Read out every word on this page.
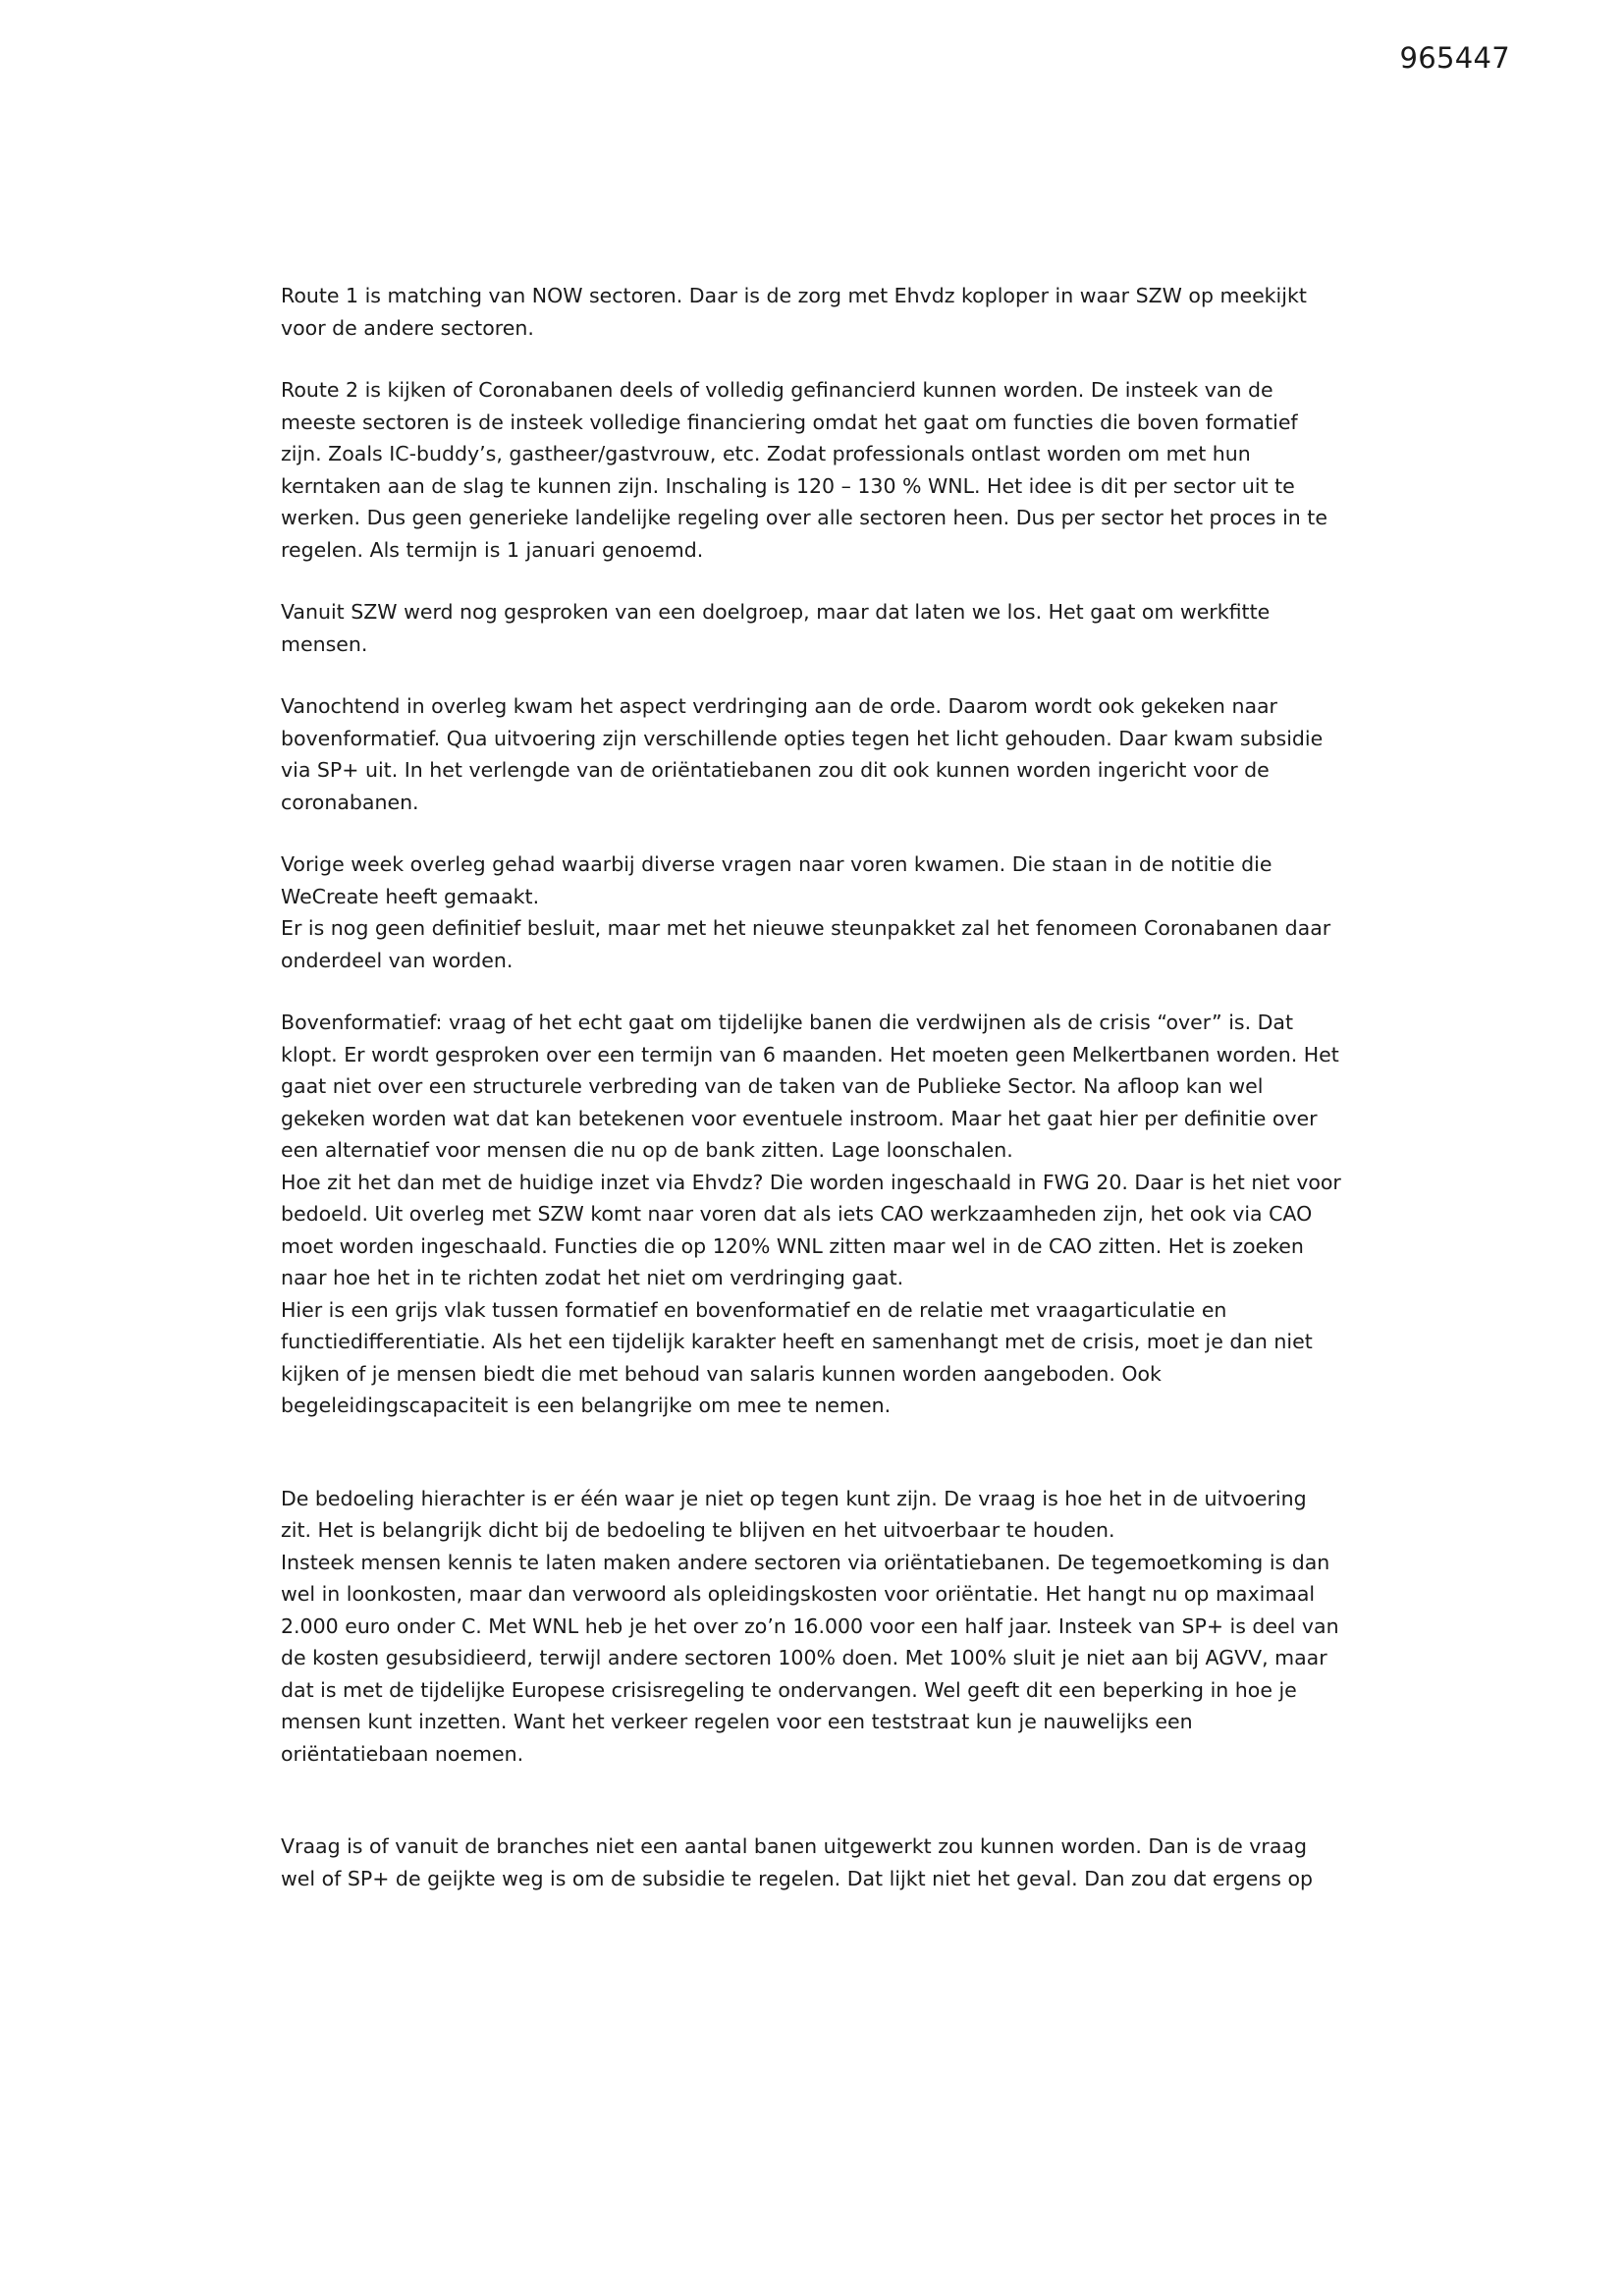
965447

Route 1 is matching van NOW sectoren. Daar is de zorg met Ehvdz koploper in waar SZW op meekijkt voor de andere sectoren.

Route 2 is kijken of Coronabanen deels of volledig gefinancierd kunnen worden. De insteek van de meeste sectoren is de insteek volledige financiering omdat het gaat om functies die boven formatief zijn. Zoals IC-buddy’s, gastheer/gastvrouw, etc. Zodat professionals ontlast worden om met hun kerntaken aan de slag te kunnen zijn. Inschaling is 120 – 130 % WNL. Het idee is dit per sector uit te werken. Dus geen generieke landelijke regeling over alle sectoren heen. Dus per sector het proces in te regelen. Als termijn is 1 januari genoemd.

Vanuit SZW werd nog gesproken van een doelgroep, maar dat laten we los. Het gaat om werkfitte mensen.

Vanochtend in overleg kwam het aspect verdringing aan de orde. Daarom wordt ook gekeken naar bovenformatief. Qua uitvoering zijn verschillende opties tegen het licht gehouden. Daar kwam subsidie via SP+ uit. In het verlengde van de oriëntatiebanen zou dit ook kunnen worden ingericht voor de coronabanen.

Vorige week overleg gehad waarbij diverse vragen naar voren kwamen. Die staan in de notitie die WeCreate heeft gemaakt.

Er is nog geen definitief besluit, maar met het nieuwe steunpakket zal het fenomeen Coronabanen daar onderdeel van worden.

Bovenformatief: vraag of het echt gaat om tijdelijke banen die verdwijnen als de crisis “over” is. Dat klopt. Er wordt gesproken over een termijn van 6 maanden. Het moeten geen Melkertbanen worden. Het gaat niet over een structurele verbreding van de taken van de Publieke Sector. Na afloop kan wel gekeken worden wat dat kan betekenen voor eventuele instroom. Maar het gaat hier per definitie over een alternatief voor mensen die nu op de bank zitten. Lage loonschalen.

Hoe zit het dan met de huidige inzet via Ehvdz? Die worden ingeschaald in FWG 20. Daar is het niet voor bedoeld. Uit overleg met SZW komt naar voren dat als iets CAO werkzaamheden zijn, het ook via CAO moet worden ingeschaald. Functies die op 120% WNL zitten maar wel in de CAO zitten. Het is zoeken naar hoe het in te richten zodat het niet om verdringing gaat.

Hier is een grijs vlak tussen formatief en bovenformatief en de relatie met vraagarticulatie en functiedifferentiatie. Als het een tijdelijk karakter heeft en samenhangt met de crisis, moet je dan niet kijken of je mensen biedt die met behoud van salaris kunnen worden aangeboden. Ook begeleidingscapaciteit is een belangrijke om mee te nemen.

De bedoeling hierachter is er één waar je niet op tegen kunt zijn. De vraag is hoe het in de uitvoering zit. Het is belangrijk dicht bij de bedoeling te blijven en het uitvoerbaar te houden.

Insteek mensen kennis te laten maken andere sectoren via oriëntatiebanen. De tegemoetkoming is dan wel in loonkosten, maar dan verwoord als opleidingskosten voor oriëntatie. Het hangt nu op maximaal 2.000 euro onder C. Met WNL heb je het over zo’n 16.000 voor een half jaar. Insteek van SP+ is deel van de kosten gesubsidieerd, terwijl andere sectoren 100% doen. Met 100% sluit je niet aan bij AGVV, maar dat is met de tijdelijke Europese crisisregeling te ondervangen. Wel geeft dit een beperking in hoe je mensen kunt inzetten. Want het verkeer regelen voor een teststraat kun je nauwelijks een oriëntatiebaan noemen.

Vraag is of vanuit de branches niet een aantal banen uitgewerkt zou kunnen worden. Dan is de vraag wel of SP+ de geijkte weg is om de subsidie te regelen. Dat lijkt niet het geval. Dan zou dat ergens op
